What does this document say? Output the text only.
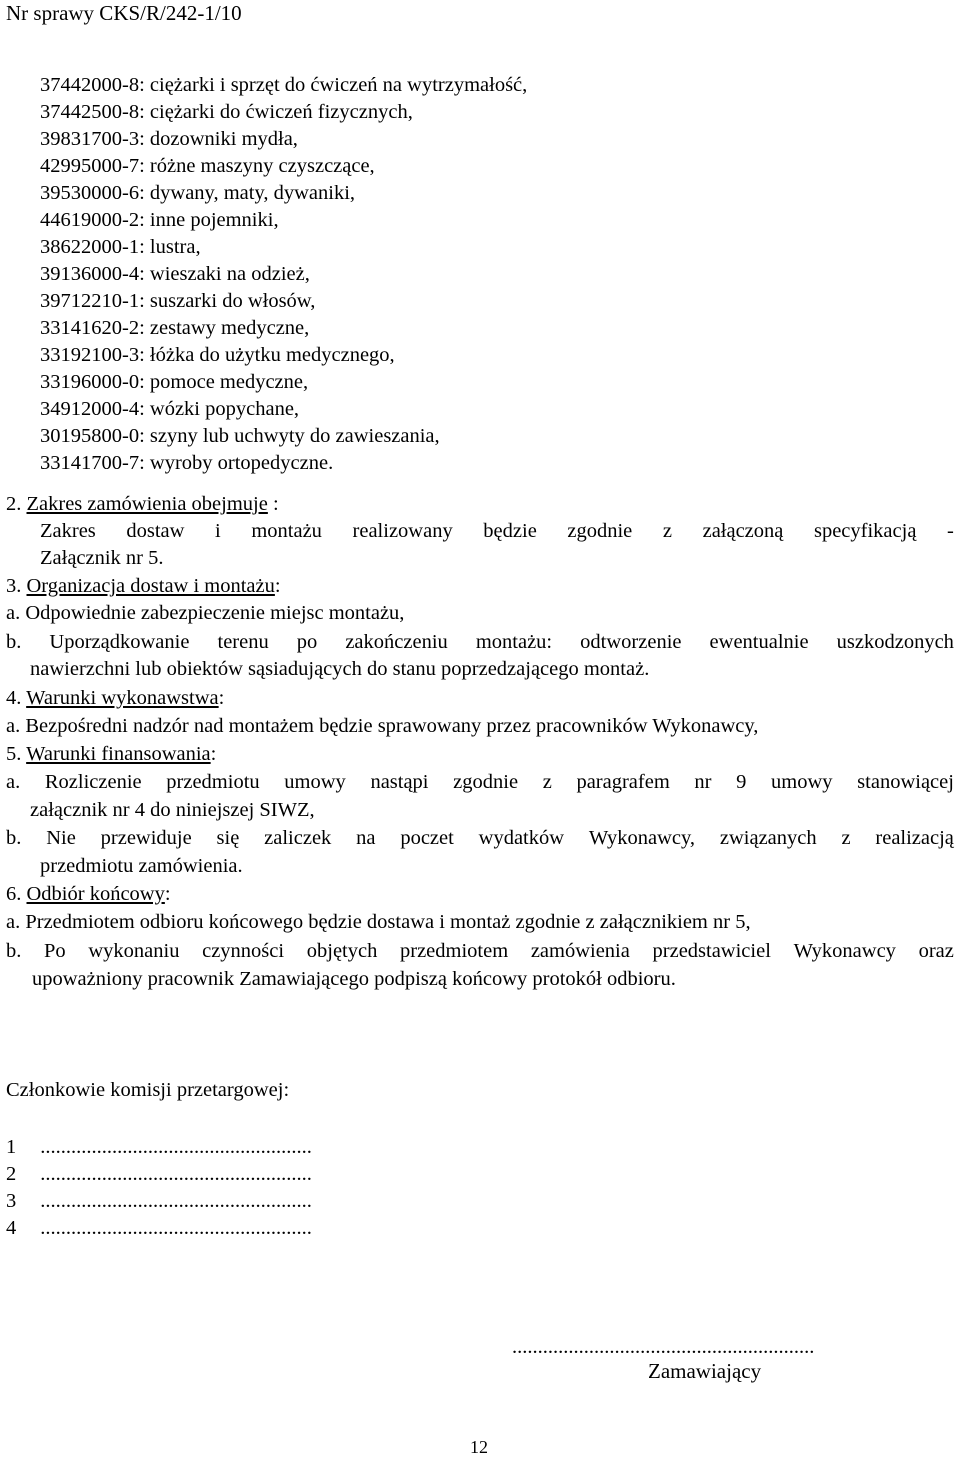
Nr sprawy CKS/R/242-1/10
37442000-8: ciężarki i sprzęt do ćwiczeń na wytrzymałość,
37442500-8: ciężarki do ćwiczeń fizycznych,
39831700-3: dozowniki mydła,
42995000-7: różne maszyny czyszczące,
39530000-6: dywany, maty, dywaniki,
44619000-2: inne pojemniki,
38622000-1: lustra,
39136000-4: wieszaki na odzież,
39712210-1: suszarki do włosów,
33141620-2: zestawy medyczne,
33192100-3: łóżka do użytku medycznego,
33196000-0: pomoce medyczne,
34912000-4: wózki popychane,
30195800-0: szyny lub uchwyty do zawieszania,
33141700-7: wyroby ortopedyczne.
2. Zakres zamówienia obejmuje :
Zakres dostaw i montażu realizowany będzie zgodnie z załączoną specyfikacją -
Załącznik nr 5.
3. Organizacja dostaw i montażu:
a. Odpowiednie zabezpieczenie miejsc montażu,
b. Uporządkowanie terenu po zakończeniu montażu: odtworzenie ewentualnie uszkodzonych
nawierzchni lub obiektów sąsiadujących do stanu poprzedzającego montaż.
4. Warunki wykonawstwa:
a. Bezpośredni nadzór nad montażem będzie sprawowany przez pracowników Wykonawcy,
5. Warunki finansowania:
a. Rozliczenie przedmiotu umowy nastąpi zgodnie z paragrafem nr 9 umowy stanowiącej
załącznik nr 4 do niniejszej SIWZ,
b. Nie przewiduje się zaliczek na poczet wydatków Wykonawcy, związanych z realizacją
przedmiotu zamówienia.
6. Odbiór końcowy:
a. Przedmiotem odbioru końcowego będzie dostawa i montaż zgodnie z załącznikiem nr 5,
b. Po wykonaniu czynności objętych przedmiotem zamówienia przedstawiciel Wykonawcy oraz
upoważniony pracownik Zamawiającego podpiszą końcowy protokół odbioru.
Członkowie komisji przetargowej:
1 .....................................................
2 .....................................................
3 .....................................................
4 .....................................................
...........................................................
Zamawiający
12
